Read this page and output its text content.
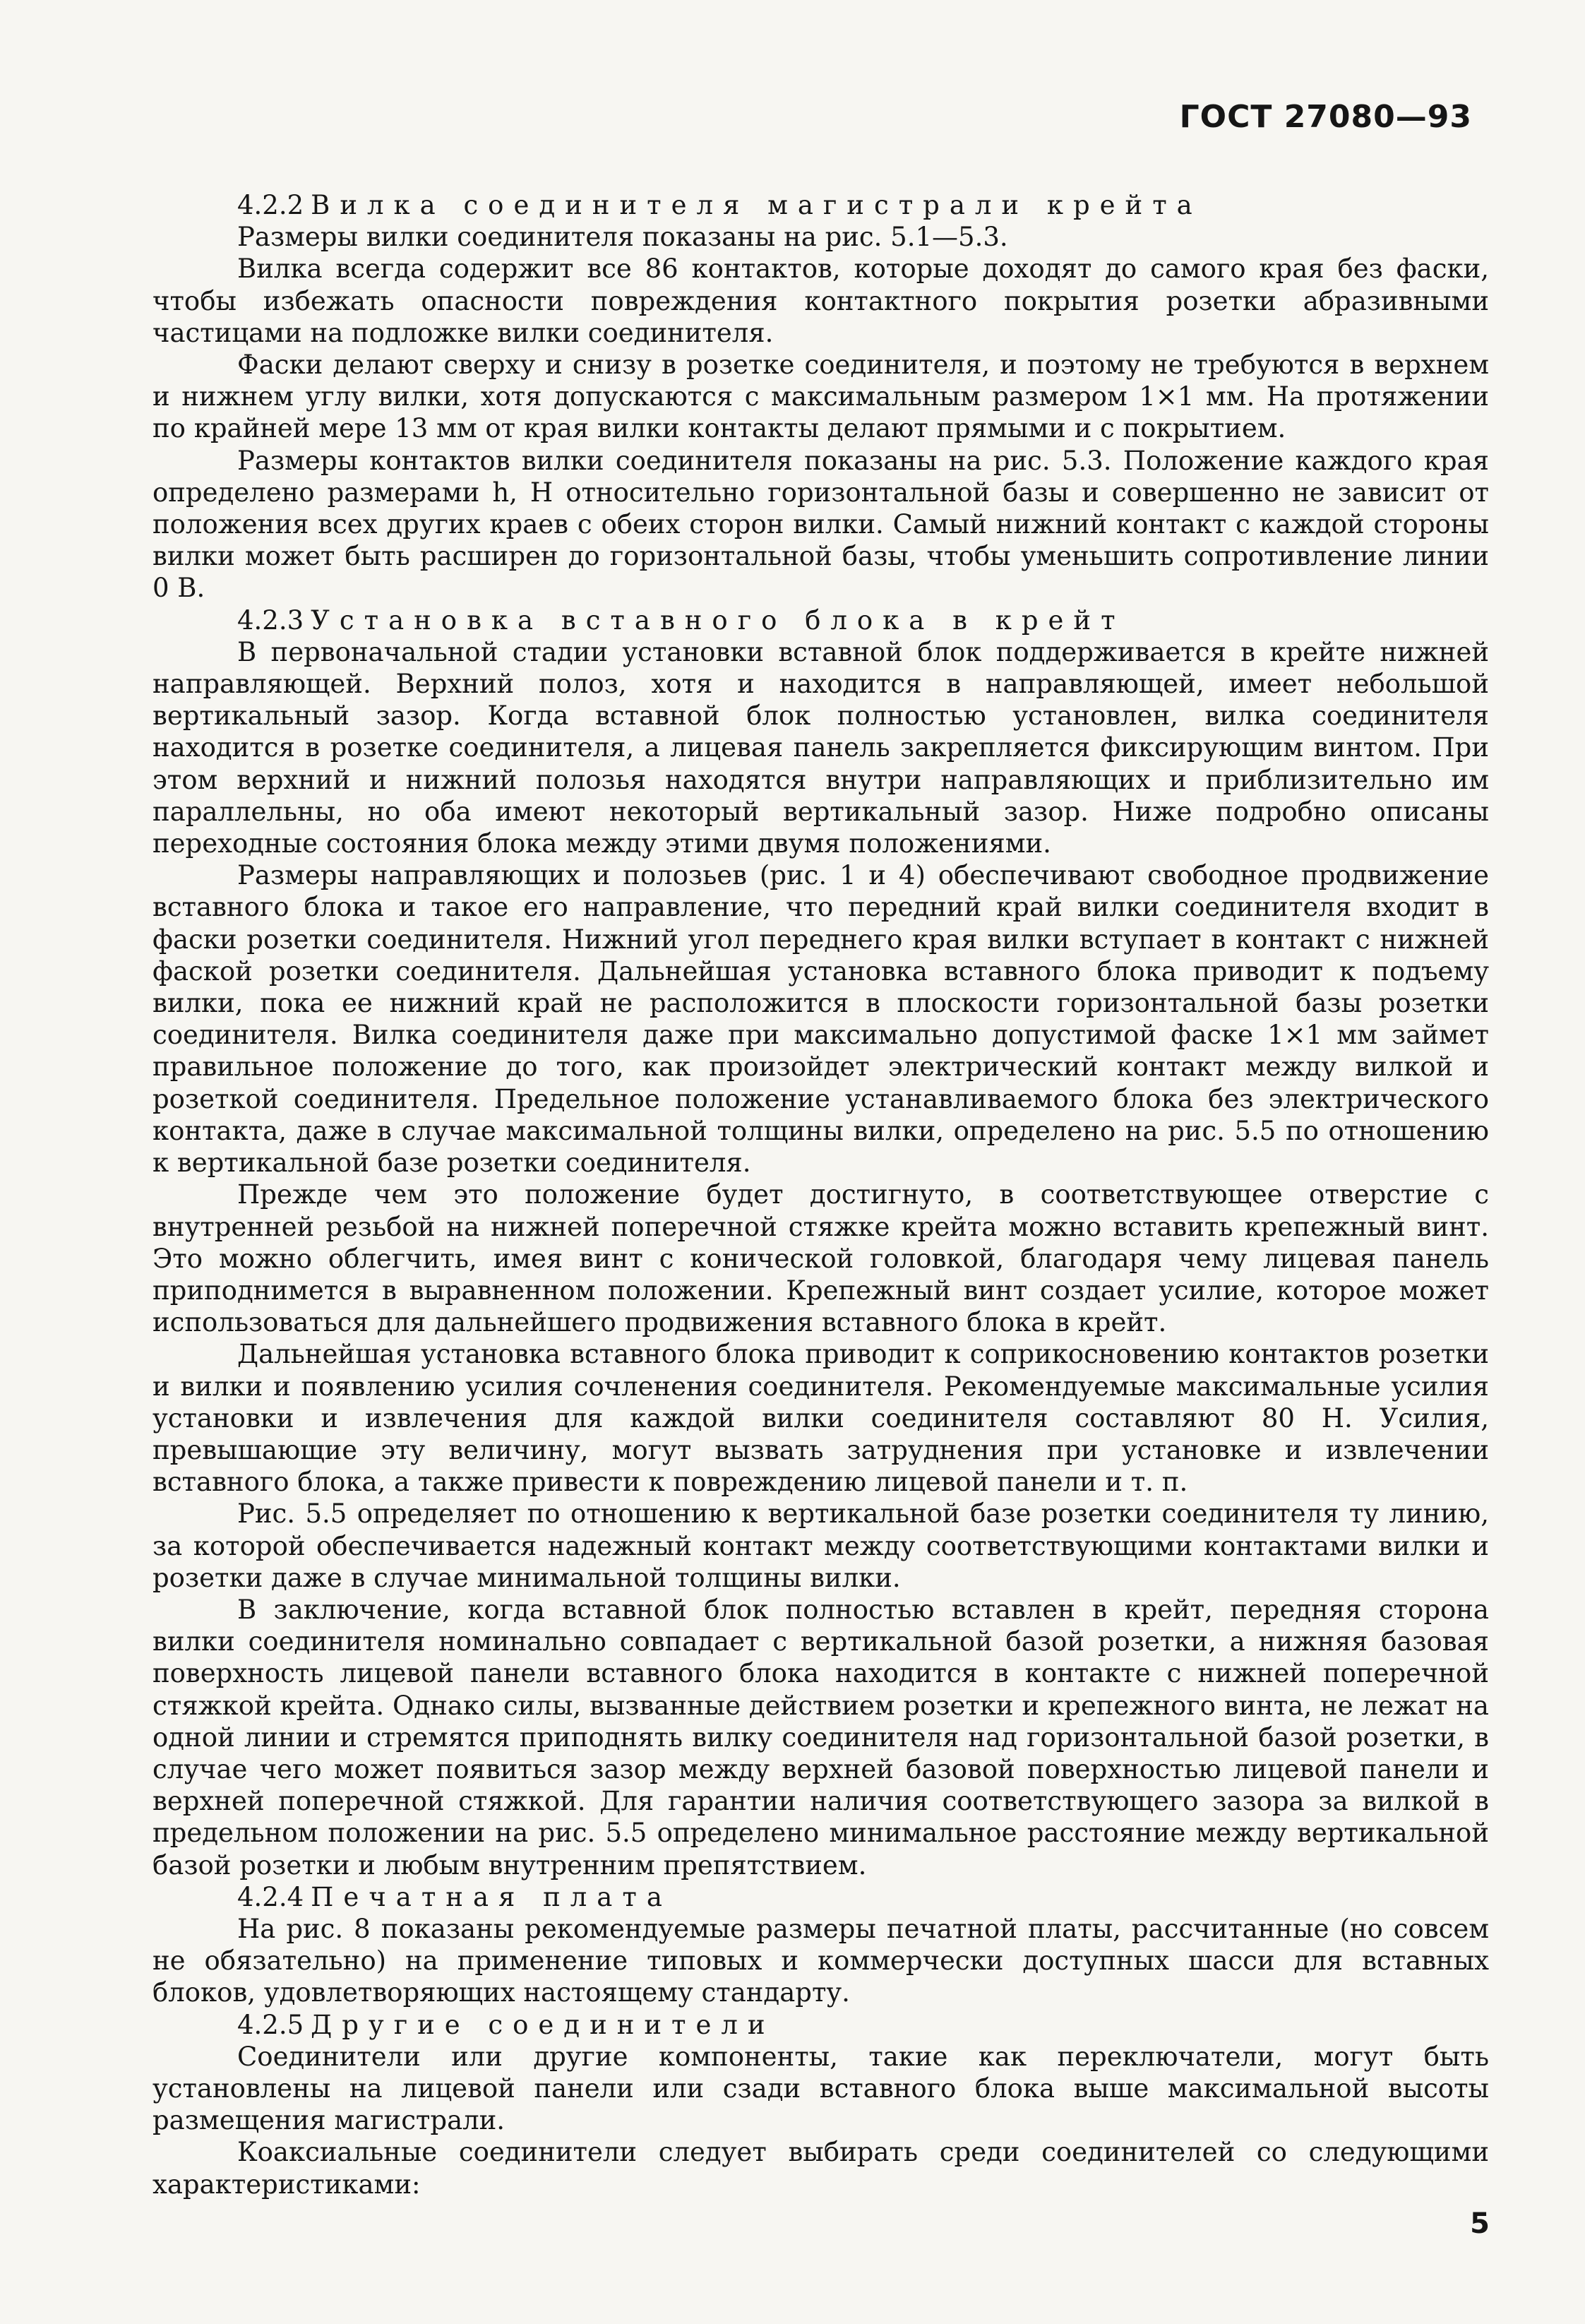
ГОСТ 27080—93

4.2.2 Вилка соединителя магистрали крейта

Размеры вилки соединителя показаны на рис. 5.1—5.3.

Вилка всегда содержит все 86 контактов, которые доходят до самого края без фаски, чтобы избежать опасности повреждения контактного покрытия розетки абразивными частицами на подложке вилки соединителя.

Фаски делают сверху и снизу в розетке соединителя, и поэтому не требуются в верхнем и нижнем углу вилки, хотя допускаются с максимальным размером 1×1 мм. На протяжении по крайней мере 13 мм от края вилки контакты делают прямыми и с покрытием.

Размеры контактов вилки соединителя показаны на рис. 5.3. Положение каждого края определено размерами h, H относительно горизонтальной базы и совершенно не зависит от положения всех других краев с обеих сторон вилки. Самый нижний контакт с каждой стороны вилки может быть расширен до горизонтальной базы, чтобы уменьшить сопротивление линии 0 В.

4.2.3 Установка вставного блока в крейт

В первоначальной стадии установки вставной блок поддерживается в крейте нижней направляющей. Верхний полоз, хотя и находится в направляющей, имеет небольшой вертикальный зазор. Когда вставной блок полностью установлен, вилка соединителя находится в розетке соединителя, а лицевая панель закрепляется фиксирующим винтом. При этом верхний и нижний полозья находятся внутри направляющих и приблизительно им параллельны, но оба имеют некоторый вертикальный зазор. Ниже подробно описаны переходные состояния блока между этими двумя положениями.

Размеры направляющих и полозьев (рис. 1 и 4) обеспечивают свободное продвижение вставного блока и такое его направление, что передний край вилки соединителя входит в фаски розетки соединителя. Нижний угол переднего края вилки вступает в контакт с нижней фаской розетки соединителя. Дальнейшая установка вставного блока приводит к подъему вилки, пока ее нижний край не расположится в плоскости горизонтальной базы розетки соединителя. Вилка соединителя даже при максимально допустимой фаске 1×1 мм займет правильное положение до того, как произойдет электрический контакт между вилкой и розеткой соединителя. Предельное положение устанавливаемого блока без электрического контакта, даже в случае максимальной толщины вилки, определено на рис. 5.5 по отношению к вертикальной базе розетки соединителя.

Прежде чем это положение будет достигнуто, в соответствующее отверстие с внутренней резьбой на нижней поперечной стяжке крейта можно вставить крепежный винт. Это можно облегчить, имея винт с конической головкой, благодаря чему лицевая панель приподнимется в выравненном положении. Крепежный винт создает усилие, которое может использоваться для дальнейшего продвижения вставного блока в крейт.

Дальнейшая установка вставного блока приводит к соприкосновению контактов розетки и вилки и появлению усилия сочленения соединителя. Рекомендуемые максимальные усилия установки и извлечения для каждой вилки соединителя составляют 80 Н. Усилия, превышающие эту величину, могут вызвать затруднения при установке и извлечении вставного блока, а также привести к повреждению лицевой панели и т. п.

Рис. 5.5 определяет по отношению к вертикальной базе розетки соединителя ту линию, за которой обеспечивается надежный контакт между соответствующими контактами вилки и розетки даже в случае минимальной толщины вилки.

В заключение, когда вставной блок полностью вставлен в крейт, передняя сторона вилки соединителя номинально совпадает с вертикальной базой розетки, а нижняя базовая поверхность лицевой панели вставного блока находится в контакте с нижней поперечной стяжкой крейта. Однако силы, вызванные действием розетки и крепежного винта, не лежат на одной линии и стремятся приподнять вилку соединителя над горизонтальной базой розетки, в случае чего может появиться зазор между верхней базовой поверхностью лицевой панели и верхней поперечной стяжкой. Для гарантии наличия соответствующего зазора за вилкой в предельном положении на рис. 5.5 определено минимальное расстояние между вертикальной базой розетки и любым внутренним препятствием.

4.2.4 Печатная плата

На рис. 8 показаны рекомендуемые размеры печатной платы, рассчитанные (но совсем не обязательно) на применение типовых и коммерчески доступных шасси для вставных блоков, удовлетворяющих настоящему стандарту.

4.2.5 Другие соединители

Соединители или другие компоненты, такие как переключатели, могут быть установлены на лицевой панели или сзади вставного блока выше максимальной высоты размещения магистрали.

Коаксиальные соединители следует выбирать среди соединителей со следующими характеристиками:

5
